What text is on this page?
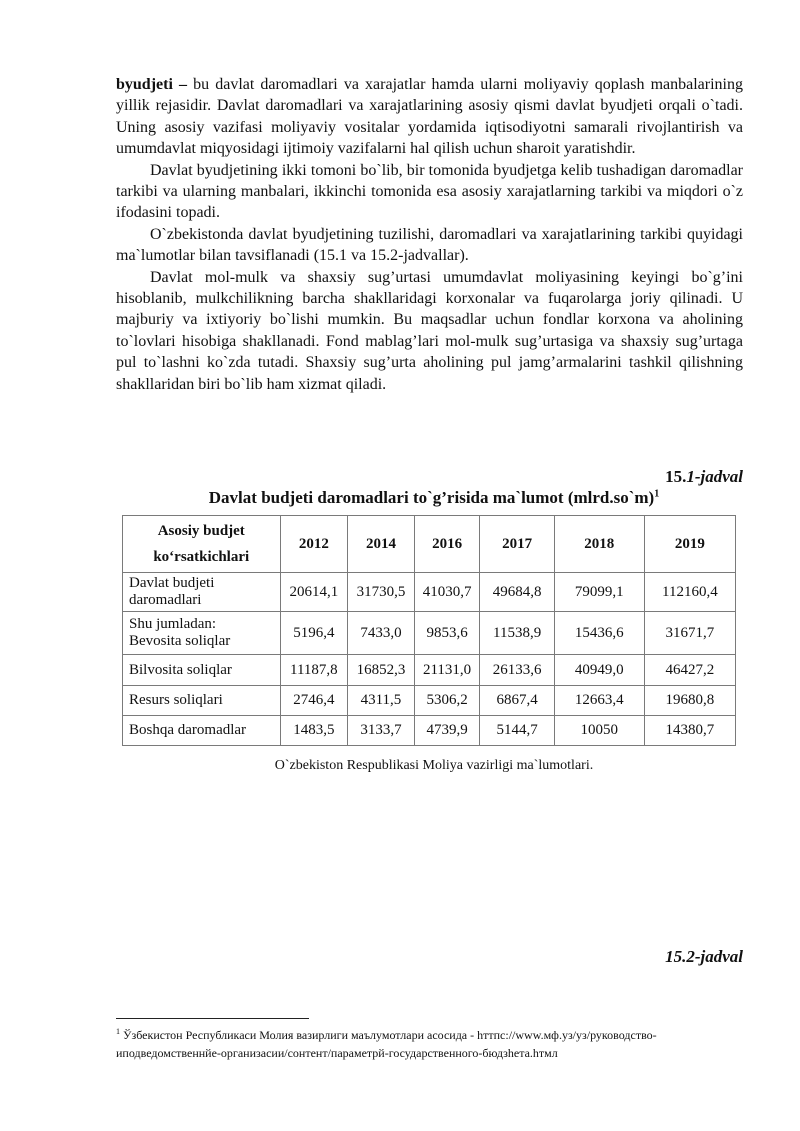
byudjeti – bu davlat daromadlari va xarajatlar hamda ularni moliyaviy qoplash manbalarining yillik rejasidir. Davlat daromadlari va xarajatlarining asosiy qismi davlat byudjeti orqali o`tadi. Uning asosiy vazifasi moliyaviy vositalar yordamida iqtisodiyotni samarali rivojlantirish va umumdavlat miqyosidagi ijtimoiy vazifalarni hal qilish uchun sharoit yaratishdir.

Davlat byudjetining ikki tomoni bo`lib, bir tomonida byudjetga kelib tushadigan daromadlar tarkibi va ularning manbalari, ikkinchi tomonida esa asosiy xarajatlarning tarkibi va miqdori o`z ifodasini topadi.

O`zbekistonda davlat byudjetining tuzilishi, daromadlari va xarajatlarining tarkibi quyidagi ma`lumotlar bilan tavsiflanadi (15.1 va 15.2-jadvallar).

Davlat mol-mulk va shaxsiy sug’urtasi umumdavlat moliyasining keyingi bo`g’ini hisoblanib, mulkchilikning barcha shakllaridagi korxonalar va fuqarolarga joriy qilinadi. U majburiy va ixtiyoriy bo`lishi mumkin. Bu maqsadlar uchun fondlar korxona va aholining to`lovlari hisobiga shakllanadi. Fond mablag’lari mol-mulk sug’urtasiga va shaxsiy sug’urtaga pul to`lashni ko`zda tutadi. Shaxsiy sug’urta aholining pul jamg’armalarini tashkil qilishning shakllaridan biri bo`lib ham xizmat qiladi.

15.1-jadval
Davlat budjeti daromadlari to`g’risida ma`lumot (mlrd.so`m)$^1$
Asosiy budjet
ko‘rsatkichlari	2012	2014	2016	2017	2018	2019
Davlat budjeti
daromadlari	20614,1	31730,5	41030,7	49684,8	79099,1	112160,4
Shu jumladan:
Bevosita soliqlar	5196,4	7433,0	9853,6	11538,9	15436,6	31671,7
Bilvosita soliqlar	11187,8	16852,3	21131,0	26133,6	40949,0	46427,2
Resurs soliqlari	2746,4	4311,5	5306,2	6867,4	12663,4	19680,8
Boshqa daromadlar	1483,5	3133,7	4739,9	5144,7	10050	14380,7
O`zbekiston Respublikasi Moliya vazirligi ma`lumotlari.
15.2-jadval
$^1$ Ўзбекистон Республикаси Молия вазирлиги маълумотлари асосида - hттпс://www.мф.уз/уз/руководство-иподведомственнйе-организасии/сонтент/параметрй-государственного-бюдзhета.hтмл
